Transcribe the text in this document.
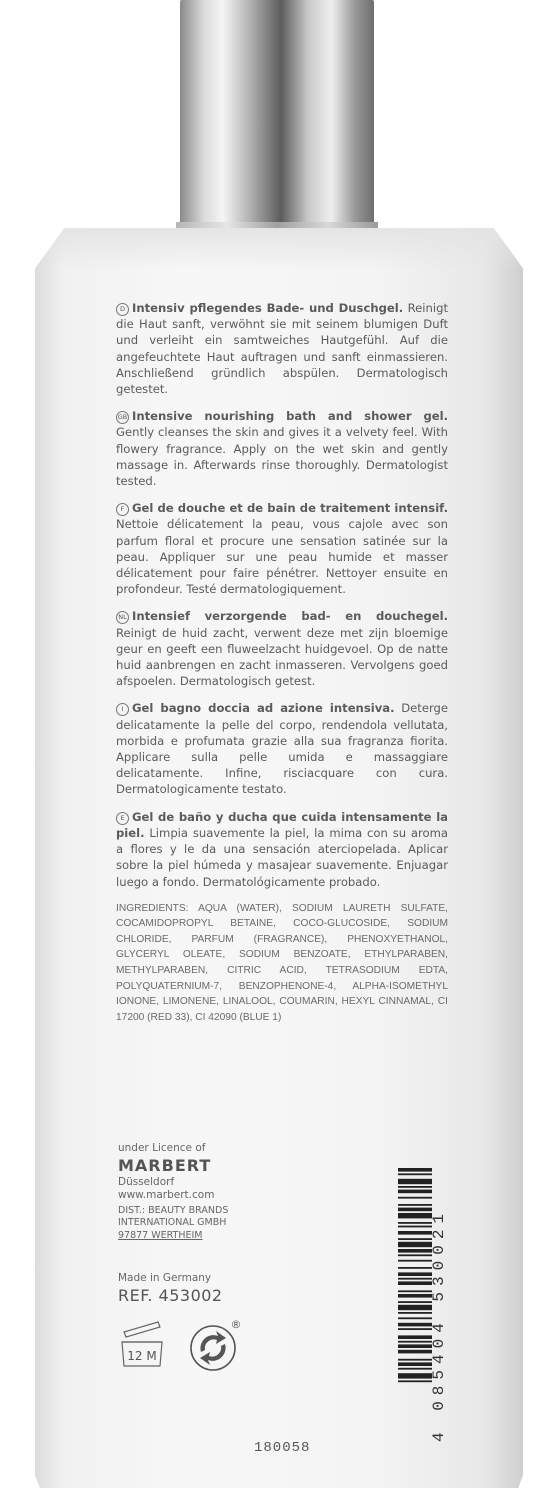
D Intensiv pflegendes Bade- und Duschgel. Reinigt die Haut sanft, verwöhnt sie mit seinem blumigen Duft und verleiht ein samtweiches Hautgefühl. Auf die angefeuchtete Haut auftragen und sanft einmassieren. Anschließend gründlich abspülen. Dermatologisch getestet.
GB Intensive nourishing bath and shower gel. Gently cleanses the skin and gives it a velvety feel. With flowery fragrance. Apply on the wet skin and gently massage in. Afterwards rinse thoroughly. Dermatologist tested.
F Gel de douche et de bain de traitement intensif. Nettoie délicatement la peau, vous cajole avec son parfum floral et procure une sensation satinée sur la peau. Appliquer sur une peau humide et masser délicatement pour faire pénétrer. Nettoyer ensuite en profondeur. Testé dermatologiquement.
NL Intensief verzorgende bad- en douchegel. Reinigt de huid zacht, verwent deze met zijn bloemige geur en geeft een fluweelzacht huidgevoel. Op de natte huid aanbrengen en zacht inmasseren. Vervolgens goed afspoelen. Dermatologisch getest.
I Gel bagno doccia ad azione intensiva. Deterge delicatamente la pelle del corpo, rendendola vellutata, morbida e profumata grazie alla sua fragranza fiorita. Applicare sulla pelle umida e massaggiare delicatamente. Infine, risciacquare con cura. Dermatologicamente testato.
E Gel de baño y ducha que cuida intensamente la piel. Limpia suavemente la piel, la mima con su aroma a flores y le da una sensación aterciopelada. Aplicar sobre la piel húmeda y masajear suavemente. Enjuagar luego a fondo. Dermatológicamente probado.
INGREDIENTS: AQUA (WATER), SODIUM LAURETH SULFATE, COCAMIDOPROPYL BETAINE, COCO-GLUCOSIDE, SODIUM CHLORIDE, PARFUM (FRAGRANCE), PHENOXYETHANOL, GLYCERYL OLEATE, SODIUM BENZOATE, ETHYLPARABEN, METHYLPARABEN, CITRIC ACID, TETRASODIUM EDTA, POLYQUATERNIUM-7, BENZOPHENONE-4, ALPHA-ISOMETHYL IONONE, LIMONENE, LINALOOL, COUMARIN, HEXYL CINNAMAL, CI 17200 (RED 33), CI 42090 (BLUE 1)
under Licence of
MARBERT
Düsseldorf
www.marbert.com
DIST.: BEAUTY BRANDS
INTERNATIONAL GMBH
97877 WERTHEIM
Made in Germany
REF. 453002
12 M
®
180058
4 085404 530021
